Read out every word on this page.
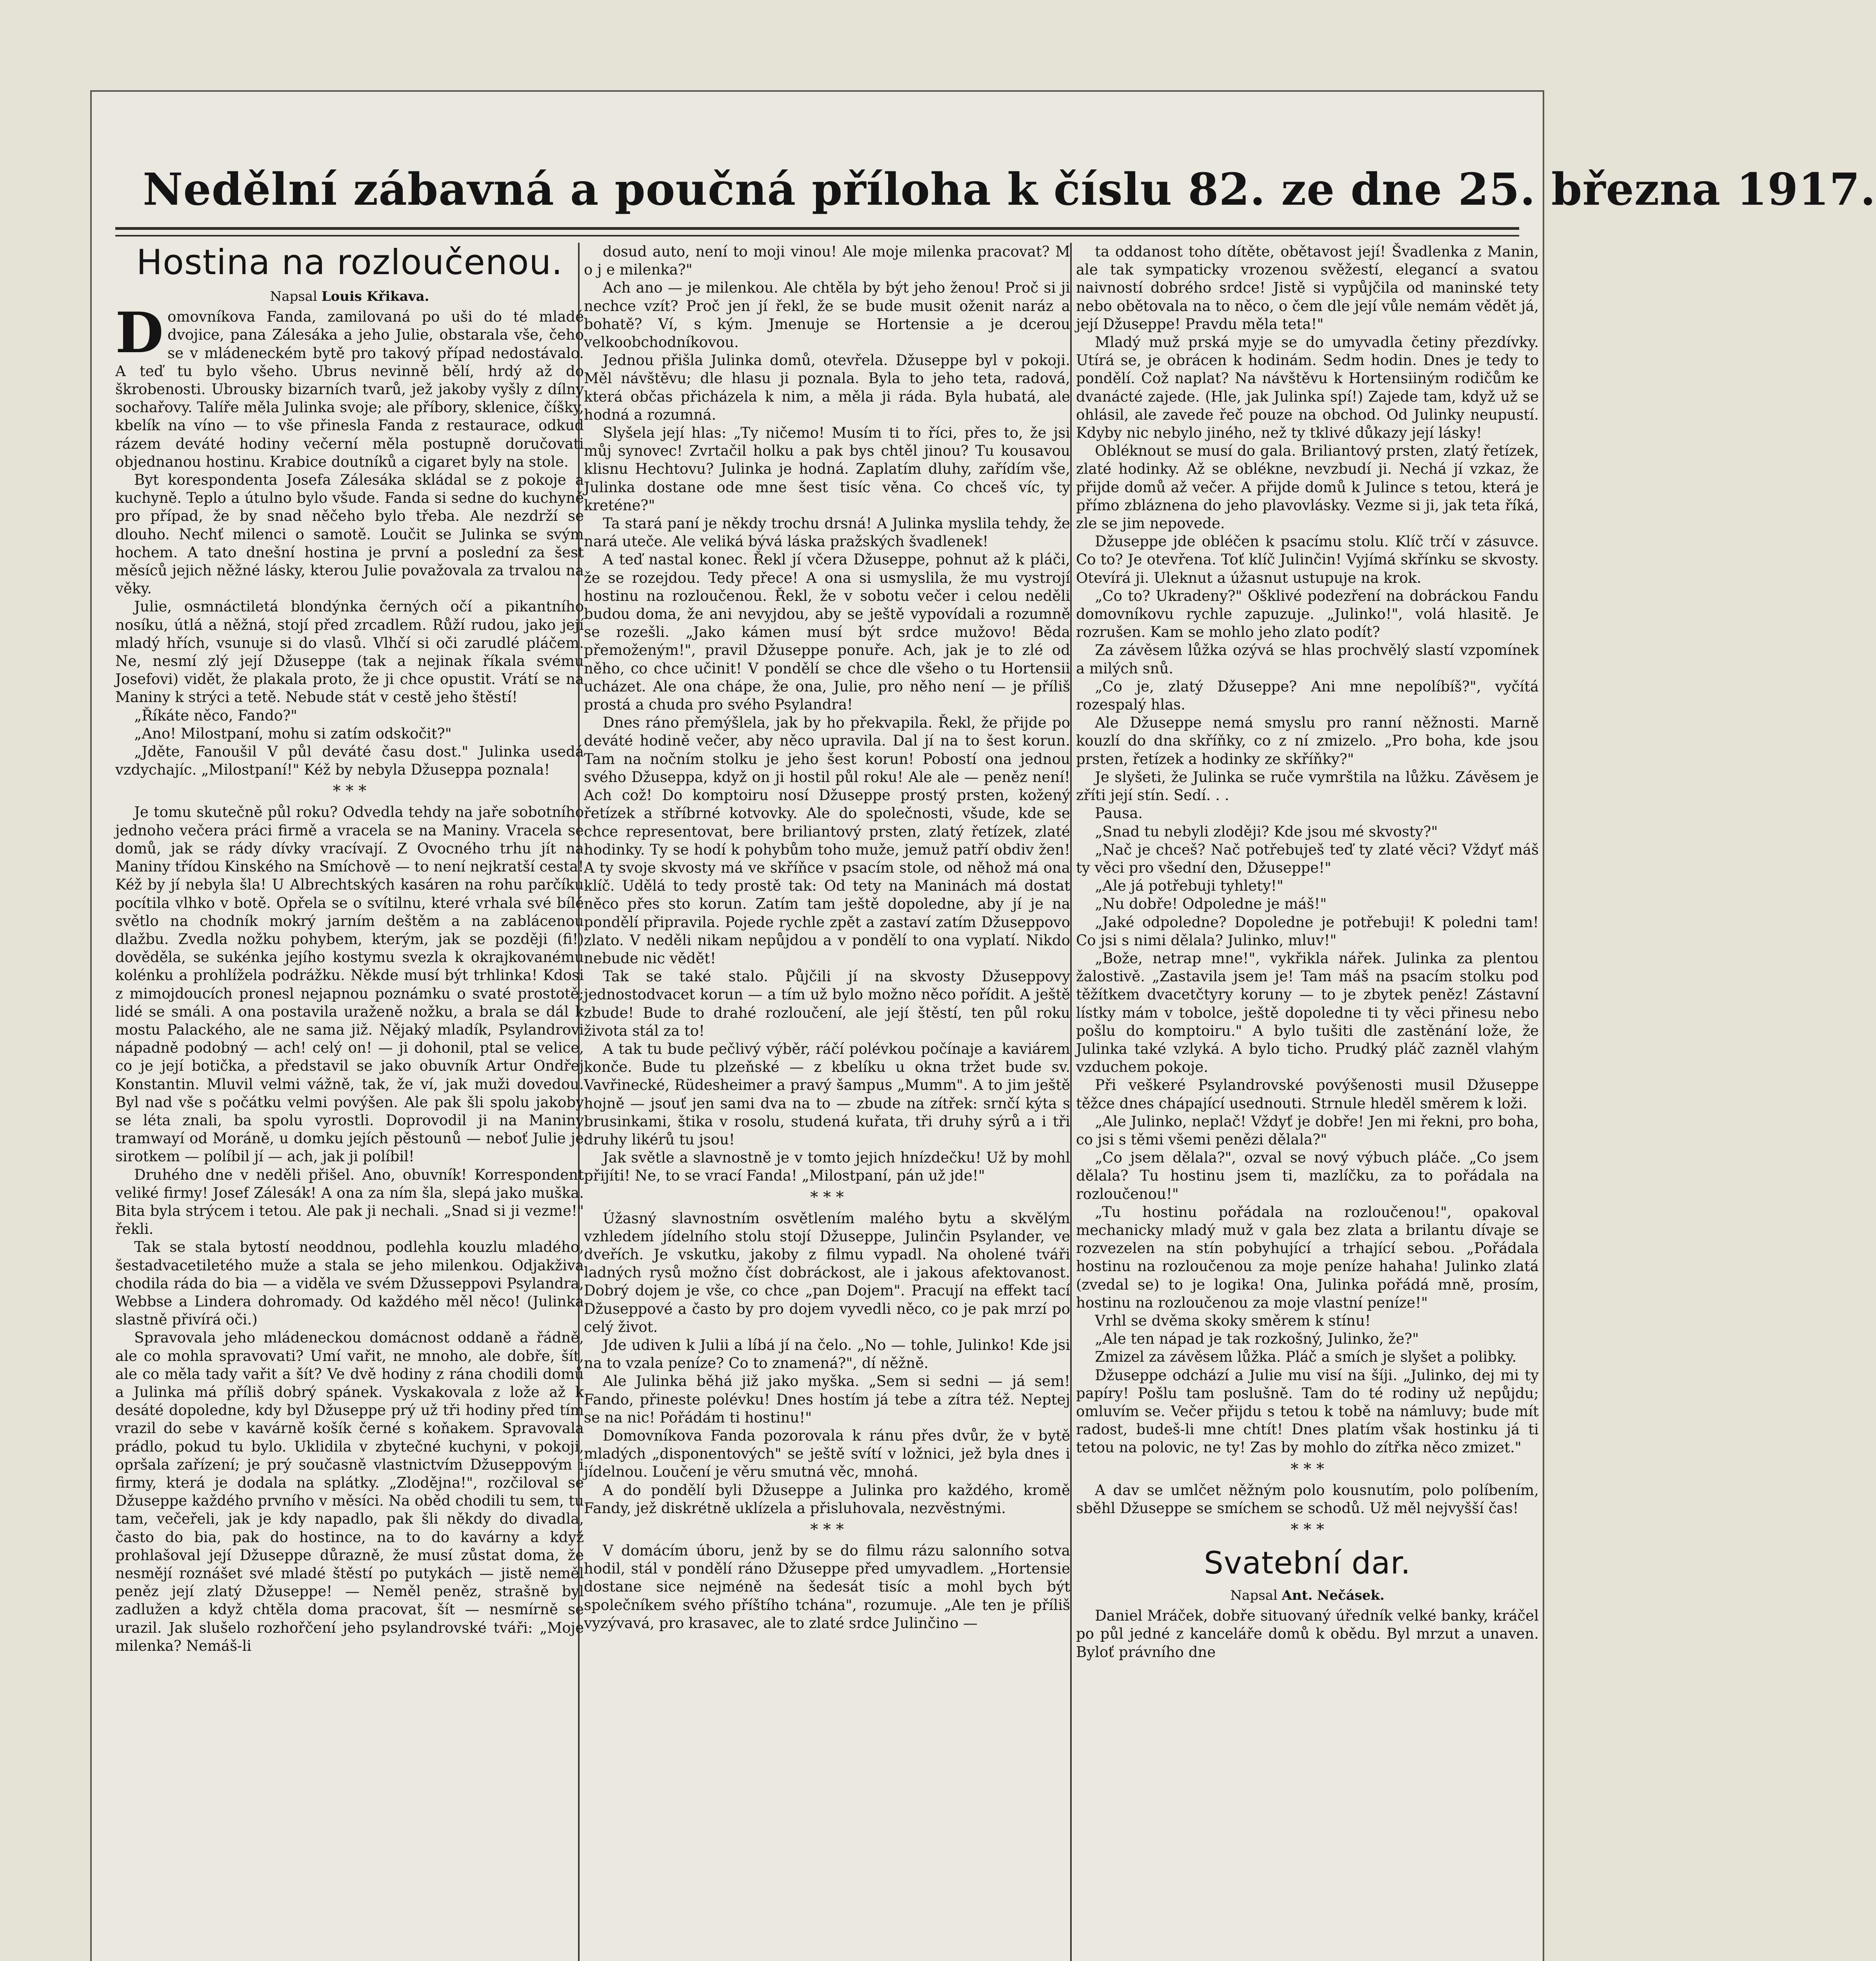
Nedělní zábavná a poučná příloha k číslu 82. ze dne 25. března 1917.
Hostina na rozloučenou.
Napsal Louis Křikava.

Domovníkova Fanda, zamilovaná po uši do té mladé dvojice, pana Zálesáka a jeho Julie, obstarala vše, čeho se v mládeneckém bytě pro takový případ nedostávalo. A teď tu bylo všeho. Ubrus nevinně bělí, hrdý až do škrobenosti. Ubrousky bizarních tvarů, jež jakoby vyšly z dílny sochařovy. Talíře měla Julinka svoje; ale příbory, sklenice, číšky, kbelík na víno — to vše přinesla Fanda z restaurace, odkud rázem deváté hodiny večerní měla postupně doručovati objednanou hostinu. Krabice doutníků a cigaret byly na stole.

Byt korespondenta Josefa Zálesáka skládal se z pokoje a kuchyně. Teplo a útulno bylo všude. Fanda si sedne do kuchyně pro případ, že by snad něčeho bylo třeba. Ale nezdrží se dlouho. Nechť milenci o samotě. Loučit se Julinka se svým hochem. A tato dnešní hostina je první a poslední za šest měsíců jejich něžné lásky, kterou Julie považovala za trvalou na věky.

Julie, osmnáctiletá blondýnka černých očí a pikantního nosíku, útlá a něžná, stojí před zrcadlem. Růží rudou, jako její mladý hřích, vsunuje si do vlasů. Vlhčí si oči zarudlé pláčem. Ne, nesmí zlý její Džuseppe (tak a nejinak říkala svému Josefovi) vidět, že plakala proto, že ji chce opustit. Vrátí se na Maniny k strýci a tetě. Nebude stát v cestě jeho štěstí!

„Říkáte něco, Fando?"

„Ano! Milostpaní, mohu si zatím odskočit?"

„Jděte, Fanoušil V půl deváté času dost." Julinka usedá vzdychajíc. „Milostpaní!" Kéž by nebyla Džuseppa poznala!

* * *

Je tomu skutečně půl roku? Odvedla tehdy na jaře sobotního jednoho večera práci firmě a vracela se na Maniny. Vracela se domů, jak se rády dívky vracívají. Z Ovocného trhu jít na Maniny třídou Kinského na Smíchově — to není nejkratší cesta! Kéž by jí nebyla šla! U Albrechtských kasáren na rohu parčíku pocítila vlhko v botě. Opřela se o svítilnu, které vrhala své bílé světlo na chodník mokrý jarním deštěm a na zablácenou dlažbu. Zvedla nožku pohybem, kterým, jak se později (fi!) dověděla, se sukénka jejího kostymu svezla k okrajkovanému kolénku a prohlížela podrážku. Někde musí být trhlinka! Kdosi z mimojdoucích pronesl nejapnou poznámku o svaté prostotě; lidé se smáli. A ona postavila uraženě nožku, a brala se dál k mostu Palackého, ale ne sama již. Nějaký mladík, Psylandrovi nápadně podobný — ach! celý on! — ji dohonil, ptal se velice, co je její botička, a představil se jako obuvník Artur Ondřej Konstantin. Mluvil velmi vážně, tak, že ví, jak muži dovedou. Byl nad vše s počátku velmi povýšen. Ale pak šli spolu jakoby se léta znali, ba spolu vyrostli. Doprovodil ji na Maniny tramwayí od Moráně, u domku jejích pěstounů — neboť Julie je sirotkem — políbil jí — ach, jak ji políbil!

Druhého dne v neděli přišel. Ano, obuvník! Korrespondent veliké firmy! Josef Zálesák! A ona za ním šla, slepá jako muška. Bita byla strýcem i tetou. Ale pak ji nechali. „Snad si ji vezme!" řekli.

Tak se stala bytostí neoddnou, podlehla kouzlu mladého, šestadvacetiletého muže a stala se jeho milenkou. Odjakživa chodila ráda do bia — a viděla ve svém Džusseppovi Psylandra, Webbse a Lindera dohromady. Od každého měl něco! (Julinka slastně přivírá oči.)

Spravovala jeho mládeneckou domácnost oddaně a řádně, ale co mohla spravovati? Umí vařit, ne mnoho, ale dobře, šít, ale co měla tady vařit a šít? Ve dvě hodiny z rána chodili domů a Julinka má příliš dobrý spánek. Vyskakovala z lože až k desáté dopoledne, kdy byl Džuseppe prý už tři hodiny před tím vrazil do sebe v kavárně košík černé s koňakem. Spravovala prádlo, pokud tu bylo. Uklidila v zbytečné kuchyni, v pokoji, opršala zařízení; je prý současně vlastnictvím Džuseppovým i firmy, která je dodala na splátky. „Zlodějna!", rozčiloval se Džuseppe každého prvního v měsíci. Na oběd chodili tu sem, tu tam, večeřeli, jak je kdy napadlo, pak šli někdy do divadla, často do bia, pak do hostince, na to do kavárny a když prohlašoval její Džuseppe důrazně, že musí zůstat doma, že nesmějí roznášet své mladé štěstí po putykách — jistě neměl peněz její zlatý Džuseppe! — Neměl peněz, strašně byl zadlužen a když chtěla doma pracovat, šít — nesmírně se urazil. Jak slušelo rozhořčení jeho psylandrovské tváři: „Moje milenka? Nemáš-li

dosud auto, není to moji vinou! Ale moje milenka pracovat? M o j e milenka?"

Ach ano — je milenkou. Ale chtěla by být jeho ženou! Proč si ji nechce vzít? Proč jen jí řekl, že se bude musit oženit naráz a bohatě? Ví, s kým. Jmenuje se Hortensie a je dcerou velkoobchodníkovou.

Jednou přišla Julinka domů, otevřela. Džuseppe byl v pokoji. Měl návštěvu; dle hlasu ji poznala. Byla to jeho teta, radová, která občas přicházela k nim, a měla ji ráda. Byla hubatá, ale hodná a rozumná.

Slyšela její hlas: „Ty ničemo! Musím ti to říci, přes to, že jsi můj synovec! Zvrtačil holku a pak bys chtěl jinou? Tu kousavou klisnu Hechtovu? Julinka je hodná. Zaplatím dluhy, zařídím vše, Julinka dostane ode mne šest tisíc věna. Co chceš víc, ty kreténe?"

Ta stará paní je někdy trochu drsná! A Julinka myslila tehdy, že nará uteče. Ale veliká bývá láska pražských švadlenek!

A teď nastal konec. Řekl jí včera Džuseppe, pohnut až k pláči, že se rozejdou. Tedy přece! A ona si usmyslila, že mu vystrojí hostinu na rozloučenou. Řekl, že v sobotu večer i celou neděli budou doma, že ani nevyjdou, aby se ještě vypovídali a rozumně se rozešli. „Jako kámen musí být srdce mužovo! Běda přemoženým!", pravil Džuseppe ponuře. Ach, jak je to zlé od něho, co chce učinit! V pondělí se chce dle všeho o tu Hortensii ucházet. Ale ona chápe, že ona, Julie, pro něho není — je příliš prostá a chuda pro svého Psylandra!

Dnes ráno přemýšlela, jak by ho překvapila. Řekl, že přijde po deváté hodině večer, aby něco upravila. Dal jí na to šest korun. Tam na nočním stolku je jeho šest korun! Pobostí ona jednou svého Džuseppa, když on ji hostil půl roku! Ale ale — peněz není! Ach což! Do komptoiru nosí Džuseppe prostý prsten, kožený řetízek a stříbrné kotvovky. Ale do společnosti, všude, kde se chce representovat, bere briliantový prsten, zlatý řetízek, zlaté hodinky. Ty se hodí k pohybům toho muže, jemuž patří obdiv žen! A ty svoje skvosty má ve skříňce v psacím stole, od něhož má ona klíč. Udělá to tedy prostě tak: Od tety na Maninách má dostat něco přes sto korun. Zatím tam ještě dopoledne, aby jí je na pondělí připravila. Pojede rychle zpět a zastaví zatím Džuseppovo zlato. V neděli nikam nepůjdou a v pondělí to ona vyplatí. Nikdo nebude nic vědět!

Tak se také stalo. Půjčili jí na skvosty Džuseppovy jednostodvacet korun — a tím už bylo možno něco pořídit. A ještě zbude! Bude to drahé rozloučení, ale její štěstí, ten půl roku života stál za to!

A tak tu bude pečlivý výběr, ráčí polévkou počínaje a kaviárem konče. Bude tu plzeňské — z kbelíku u okna tržet bude sv. Vavřinecké, Rüdesheimer a pravý šampus „Mumm". A to jim ještě hojně — jsouť jen sami dva na to — zbude na zítřek: srnčí kýta s brusinkami, štika v rosolu, studená kuřata, tři druhy sýrů a i tři druhy likérů tu jsou!

Jak světle a slavnostně je v tomto jejich hnízdečku! Už by mohl přijíti! Ne, to se vrací Fanda! „Milostpaní, pán už jde!"

* * *

Úžasný slavnostním osvětlením malého bytu a skvělým vzhledem jídelního stolu stojí Džuseppe, Julinčin Psylander, ve dveřích. Je vskutku, jakoby z filmu vypadl. Na oholené tváři ladných rysů možno číst dobráckost, ale i jakous afektovanost. Dobrý dojem je vše, co chce „pan Dojem". Pracují na effekt tací Džuseppové a často by pro dojem vyvedli něco, co je pak mrzí po celý život.

Jde udiven k Julii a líbá jí na čelo. „No — tohle, Julinko! Kde jsi na to vzala peníze? Co to znamená?", dí něžně.

Ale Julinka běhá již jako myška. „Sem si sedni — já sem! Fando, přineste polévku! Dnes hostím já tebe a zítra též. Neptej se na nic! Pořádám ti hostinu!"

Domovníkova Fanda pozorovala k ránu přes dvůr, že v bytě mladých „disponentových" se ještě svítí v ložnici, jež byla dnes i jídelnou. Loučení je věru smutná věc, mnohá.

A do pondělí byli Džuseppe a Julinka pro každého, kromě Fandy, jež diskrétně uklízela a přisluhovala, nezvěstnými.

* * *

V domácím úboru, jenž by se do filmu rázu salonního sotva hodil, stál v pondělí ráno Džuseppe před umyvadlem. „Hortensie dostane sice nejméně na šedesát tisíc a mohl bych být společníkem svého příštího tchána", rozumuje. „Ale ten je příliš vyzývavá, pro krasavec, ale to zlaté srdce Julinčino —

ta oddanost toho dítěte, obětavost její! Švadlenka z Manin, ale tak sympaticky vrozenou svěžestí, elegancí a svatou naivností dobrého srdce! Jistě si vypůjčila od maninské tety nebo obětovala na to něco, o čem dle její vůle nemám vědět já, její Džuseppe! Pravdu měla teta!"

Mladý muž prská myje se do umyvadla četiny přezdívky. Utírá se, je obrácen k hodinám. Sedm hodin. Dnes je tedy to pondělí. Což naplat? Na návštěvu k Hortensiiným rodičům ke dvanácté zajede. (Hle, jak Julinka spí!) Zajede tam, když už se ohlásil, ale zavede řeč pouze na obchod. Od Julinky neupustí. Kdyby nic nebylo jiného, než ty tklivé důkazy její lásky!

Obléknout se musí do gala. Briliantový prsten, zlatý řetízek, zlaté hodinky. Až se oblékne, nevzbudí ji. Nechá jí vzkaz, že přijde domů až večer. A přijde domů k Julince s tetou, která je přímo zbláznena do jeho plavovlásky. Vezme si ji, jak teta říká, zle se jim nepovede.

Džuseppe jde obléčen k psacímu stolu. Klíč trčí v zásuvce. Co to? Je otevřena. Toť klíč Julinčin! Vyjímá skřínku se skvosty. Otevírá ji. Uleknut a úžasnut ustupuje na krok.

„Co to? Ukradeny?" Ošklivé podezření na dobráckou Fandu domovníkovu rychle zapuzuje. „Julinko!", volá hlasitě. Je rozrušen. Kam se mohlo jeho zlato podít?

Za závěsem lůžka ozývá se hlas prochvělý slastí vzpomínek a milých snů.

„Co je, zlatý Džuseppe? Ani mne nepolíbíš?", vyčítá rozespalý hlas.

Ale Džuseppe nemá smyslu pro ranní něžnosti. Marně kouzlí do dna skříňky, co z ní zmizelo. „Pro boha, kde jsou prsten, řetízek a hodinky ze skříňky?"

Je slyšeti, že Julinka se ruče vymrštila na lůžku. Závěsem je zříti její stín. Sedí. . .

Pausa.

„Snad tu nebyli zloději? Kde jsou mé skvosty?"

„Nač je chceš? Nač potřebuješ teď ty zlaté věci? Vždyť máš ty věci pro všední den, Džuseppe!"

„Ale já potřebuji tyhlety!"

„Nu dobře! Odpoledne je máš!"

„Jaké odpoledne? Dopoledne je potřebuji! K poledni tam! Co jsi s nimi dělala? Julinko, mluv!"

„Bože, netrap mne!", vykřikla nářek. Julinka za plentou žalostivě. „Zastavila jsem je! Tam máš na psacím stolku pod těžítkem dvacetčtyry koruny — to je zbytek peněz! Zástavní lístky mám v tobolce, ještě dopoledne ti ty věci přinesu nebo pošlu do komptoiru." A bylo tušiti dle zastěnání lože, že Julinka také vzlyká. A bylo ticho. Prudký pláč zazněl vlahým vzduchem pokoje.

Při veškeré Psylandrovské povýšenosti musil Džuseppe těžce dnes chápající usednouti. Strnule hleděl směrem k loži.

„Ale Julinko, neplač! Vždyť je dobře! Jen mi řekni, pro boha, co jsi s těmi všemi penězi dělala?"

„Co jsem dělala?", ozval se nový výbuch pláče. „Co jsem dělala? Tu hostinu jsem ti, mazlíčku, za to pořádala na rozloučenou!"

„Tu hostinu pořádala na rozloučenou!", opakoval mechanicky mladý muž v gala bez zlata a brilantu dívaje se rozvezelen na stín pobyhující a trhající sebou. „Pořádala hostinu na rozloučenou za moje peníze hahaha! Julinko zlatá (zvedal se) to je logika! Ona, Julinka pořádá mně, prosím, hostinu na rozloučenou za moje vlastní peníze!"

Vrhl se dvěma skoky směrem k stínu!

„Ale ten nápad je tak rozkošný, Julinko, že?"

Zmizel za závěsem lůžka. Pláč a smích je slyšet a polibky.

Džuseppe odchází a Julie mu visí na šíji. „Julinko, dej mi ty papíry! Pošlu tam poslušně. Tam do té rodiny už nepůjdu; omluvím se. Večer přijdu s tetou k tobě na námluvy; bude mít radost, budeš-li mne chtít! Dnes platím však hostinku já ti tetou na polovic, ne ty! Zas by mohlo do zítřka něco zmizet."

* * *

A dav se umlčet něžným polo kousnutím, polo políbením, sběhl Džuseppe se smíchem se schodů. Už měl nejvyšší čas!

* * *
Svatební dar.
Napsal Ant. Nečásek.

Daniel Mráček, dobře situovaný úředník velké banky, kráčel po půl jedné z kanceláře domů k obědu. Byl mrzut a unaven. Byloť právního dne
